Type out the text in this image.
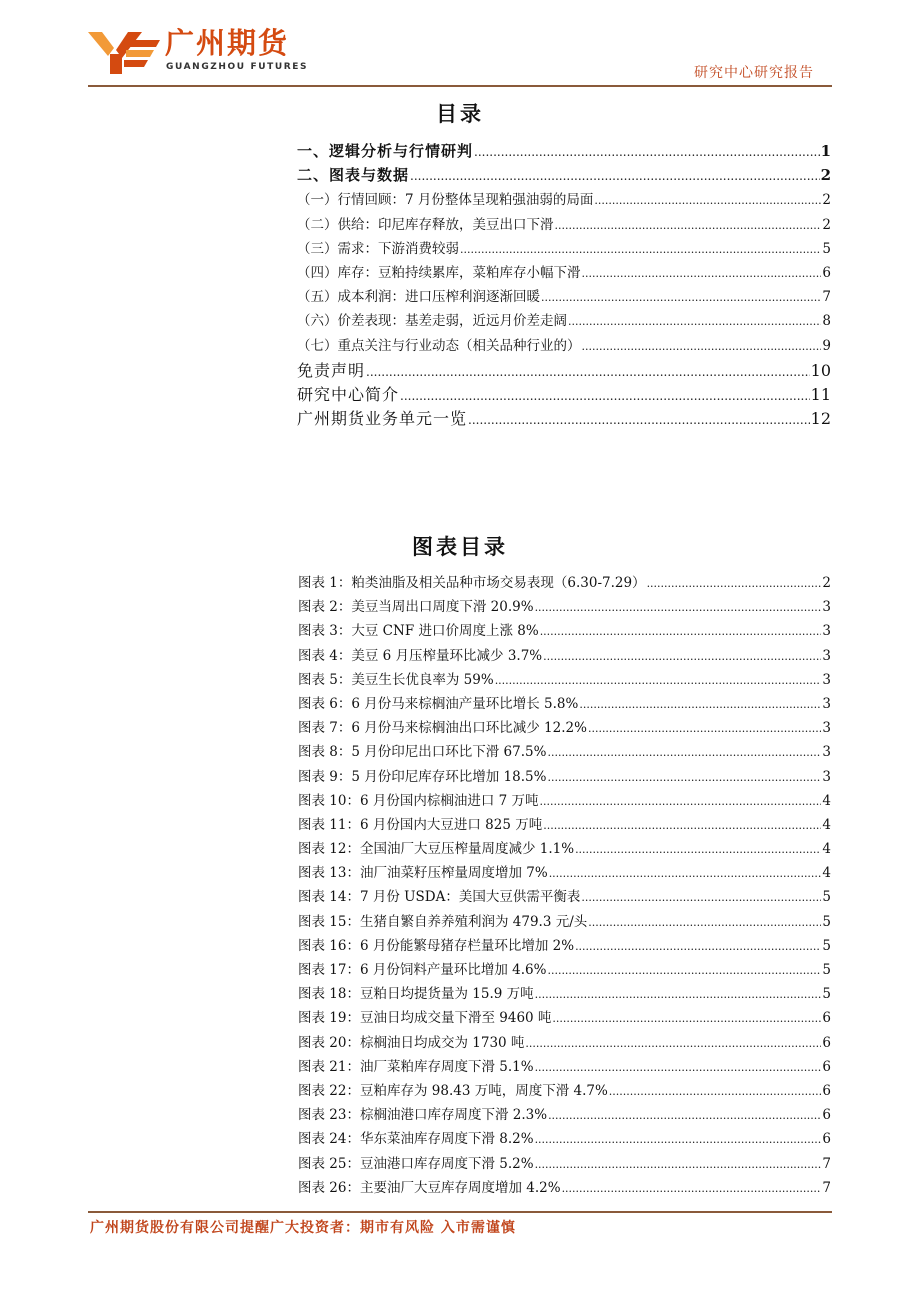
广州期货
GUANGZHOU FUTURES	研究中心研究报告
目录
一、逻辑分析与行情研判 .....	1
二、图表与数据 .....	2
（一）行情回顾：7 月份整体呈现粕强油弱的局面 .....	2
（二）供给：印尼库存释放，美豆出口下滑 .....	2
（三）需求：下游消费较弱 .....	5
（四）库存：豆粕持续累库，菜粕库存小幅下滑 .....	6
（五）成本利润：进口压榨利润逐渐回暖 .....	7
（六）价差表现：基差走弱，近远月价差走阔 .....	8
（七）重点关注与行业动态（相关品种行业的） .....	9
免责声明 .....	10
研究中心简介 .....	11
广州期货业务单元一览 .....	12
图表目录
图表 1：粕类油脂及相关品种市场交易表现（6.30-7.29） .....	2
图表 2：美豆当周出口周度下滑 20.9% .....	3
图表 3：大豆 CNF 进口价周度上涨 8% .....	3
图表 4：美豆 6 月压榨量环比减少 3.7% .....	3
图表 5：美豆生长优良率为 59% .....	3
图表 6：6 月份马来棕榈油产量环比增长 5.8% .....	3
图表 7：6 月份马来棕榈油出口环比减少 12.2% .....	3
图表 8：5 月份印尼出口环比下滑 67.5% .....	3
图表 9：5 月份印尼库存环比增加 18.5% .....	3
图表 10：6 月份国内棕榈油进口 7 万吨 .....	4
图表 11：6 月份国内大豆进口 825 万吨 .....	4
图表 12：全国油厂大豆压榨量周度减少 1.1% .....	4
图表 13：油厂油菜籽压榨量周度增加 7% .....	4
图表 14：7 月份 USDA：美国大豆供需平衡表 .....	5
图表 15：生猪自繁自养养殖利润为 479.3 元/头 .....	5
图表 16：6 月份能繁母猪存栏量环比增加 2% .....	5
图表 17：6 月份饲料产量环比增加 4.6% .....	5
图表 18：豆粕日均提货量为 15.9 万吨 .....	5
图表 19：豆油日均成交量下滑至 9460 吨 .....	6
图表 20：棕榈油日均成交为 1730 吨 .....	6
图表 21：油厂菜粕库存周度下滑 5.1% .....	6
图表 22：豆粕库存为 98.43 万吨，周度下滑 4.7% .....	6
图表 23：棕榈油港口库存周度下滑 2.3% .....	6
图表 24：华东菜油库存周度下滑 8.2% .....	6
图表 25：豆油港口库存周度下滑 5.2% .....	7
图表 26：主要油厂大豆库存周度增加 4.2% .....	7
广州期货股份有限公司提醒广大投资者：期市有风险 入市需谨慎
